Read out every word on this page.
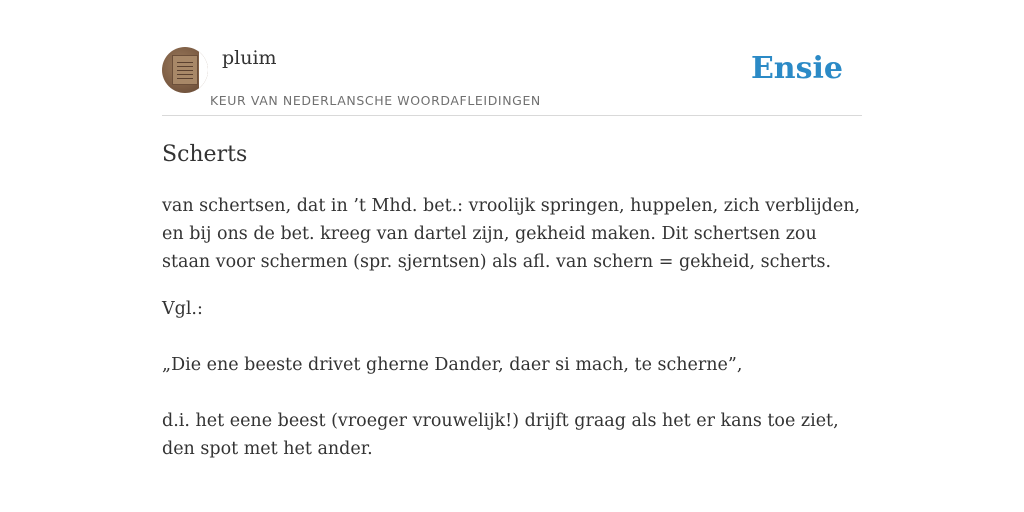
pluim
KEUR VAN NEDERLANSCHE WOORDAFLEIDINGEN
Ensie
Scherts

van schertsen, dat in ’t Mhd. bet.: vroolijk springen, huppelen, zich verblijden, en bij ons de bet. kreeg van dartel zijn, gekheid maken. Dit schertsen zou staan voor schermen (spr. sjerntsen) als afl. van schern = gekheid, scherts.

Vgl.:

„Die ene beeste drivet gherne Dander, daer si mach, te scherne”,

d.i. het eene beest (vroeger vrouwelijk!) drijft graag als het er kans toe ziet, den spot met het ander.
